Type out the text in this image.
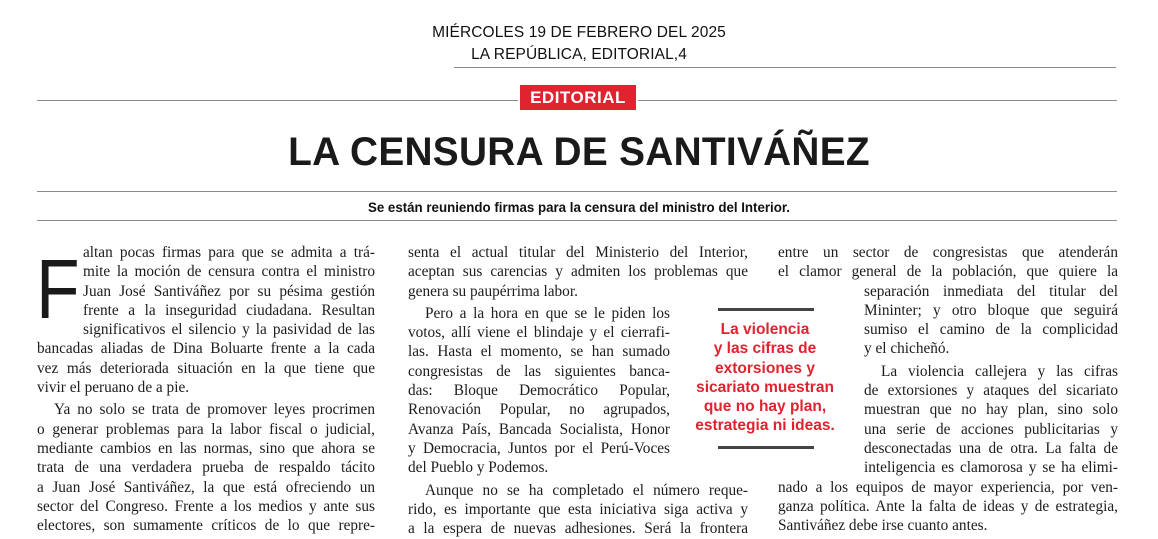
MIÉRCOLES 19 DE FEBRERO DEL 2025
LA REPÚBLICA, EDITORIAL,4
EDITORIAL
LA CENSURA DE SANTIVÁÑEZ
Se están reuniendo firmas para la censura del ministro del Interior.
F altan pocas firmas para que se admita a trá-
mite la moción de censura contra el ministro
Juan José Santiváñez por su pésima gestión
frente a la inseguridad ciudadana. Resultan
significativos el silencio y la pasividad de las
bancadas aliadas de Dina Boluarte frente a la cada
vez más deteriorada situación en la que tiene que
vivir el peruano de a pie.
Ya no solo se trata de promover leyes procrimen
o generar problemas para la labor fiscal o judicial,
mediante cambios en las normas, sino que ahora se
trata de una verdadera prueba de respaldo tácito
a Juan José Santiváñez, la que está ofreciendo un
sector del Congreso. Frente a los medios y ante sus
electores, son sumamente críticos de lo que repre-
senta el actual titular del Ministerio del Interior,
aceptan sus carencias y admiten los problemas que
genera su paupérrima labor.
Pero a la hora en que se le piden los
votos, allí viene el blindaje y el cierrafi-
las. Hasta el momento, se han sumado
congresistas de las siguientes banca-
das: Bloque Democrático Popular,
Renovación Popular, no agrupados,
Avanza País, Bancada Socialista, Honor
y Democracia, Juntos por el Perú-Voces
del Pueblo y Podemos.
Aunque no se ha completado el número reque-
rido, es importante que esta iniciativa siga activa y
a la espera de nuevas adhesiones. Será la frontera
entre un sector de congresistas que atenderán
el clamor general de la población, que quiere la
separación inmediata del titular del
Mininter; y otro bloque que seguirá
sumiso el camino de la complicidad
y el chicheñó.
La violencia callejera y las cifras
de extorsiones y ataques del sicariato
muestran que no hay plan, sino solo
una serie de acciones publicitarias y
desconectadas una de otra. La falta de
inteligencia es clamorosa y se ha elimi-
nado a los equipos de mayor experiencia, por ven-
ganza política. Ante la falta de ideas y de estrategia,
Santiváñez debe irse cuanto antes.
La violencia
y las cifras de
extorsiones y
sicariato muestran
que no hay plan,
estrategia ni ideas.
